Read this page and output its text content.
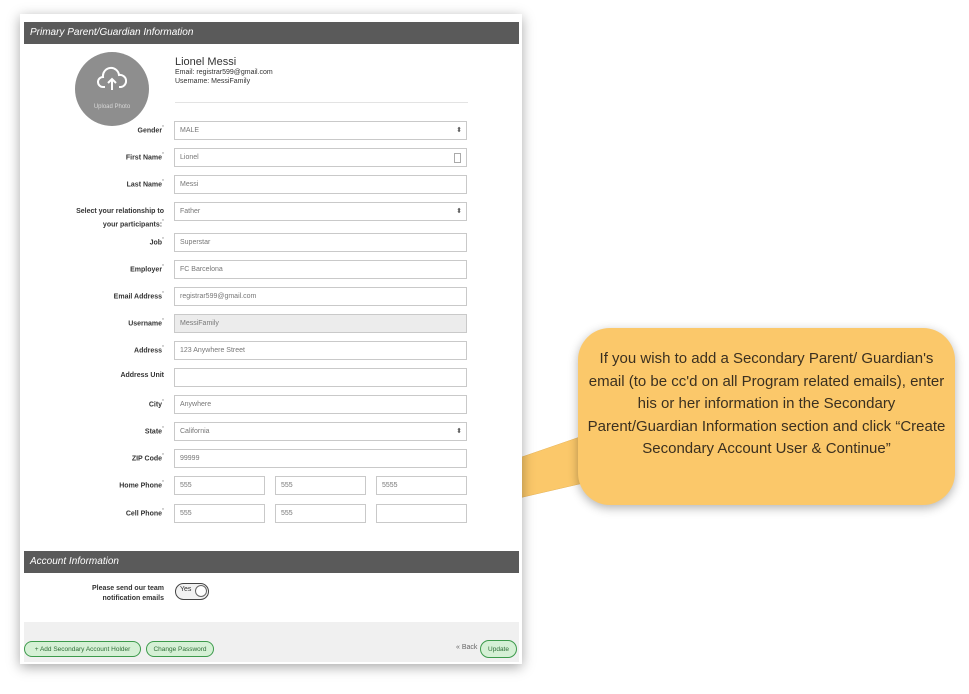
Primary Parent/Guardian Information
Upload Photo
Lionel Messi
Email: registrar599@gmail.com
Username: MessiFamily
Gender*	MALE	⬍
First Name*	Lionel
Last Name*	Messi
Select your relationship to
your participants:*
Father	⬍
Job*	Superstar
Employer*	FC Barcelona
Email Address*	registrar599@gmail.com
Username*	MessiFamily
Address*	123 Anywhere Street
Address Unit
City*	Anywhere
State*	California	⬍
ZIP Code*	99999
Home Phone*	555	555	5555
Cell Phone*	555	555
Account Information
Please send our team
notification emails
Yes
+ Add Secondary Account Holder	Change Password	« Back	Update
If you wish to add a Secondary Parent/ Guardian's email (to be cc'd on all Program related emails), enter his or her information in the Secondary Parent/Guardian Information section and click “Create Secondary Account User & Continue”
